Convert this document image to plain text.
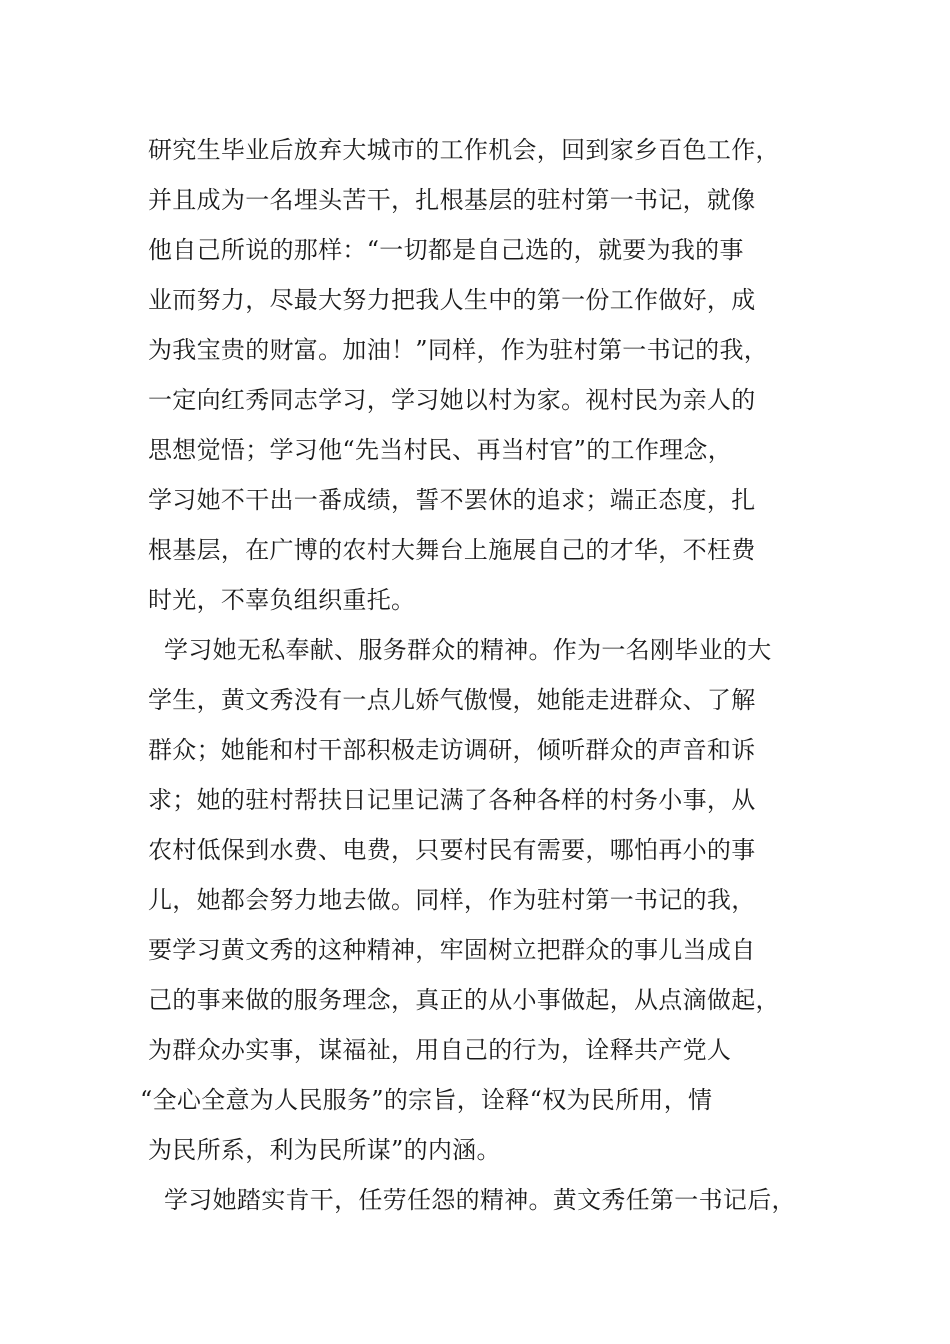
研究生毕业后放弃大城市的工作机会，回到家乡百色工作，
并且成为一名埋头苦干，扎根基层的驻村第一书记，就像
他自己所说的那样：“一切都是自己选的，就要为我的事
业而努力，尽最大努力把我人生中的第一份工作做好，成
为我宝贵的财富。加油！”同样，作为驻村第一书记的我，
一定向红秀同志学习，学习她以村为家。视村民为亲人的
思想觉悟；学习他“先当村民、再当村官”的工作理念，
学习她不干出一番成绩，誓不罢休的追求；端正态度，扎
根基层，在广博的农村大舞台上施展自己的才华，不枉费
时光，不辜负组织重托。
学习她无私奉献、服务群众的精神。作为一名刚毕业的大
学生，黄文秀没有一点儿娇气傲慢，她能走进群众、了解
群众；她能和村干部积极走访调研，倾听群众的声音和诉
求；她的驻村帮扶日记里记满了各种各样的村务小事，从
农村低保到水费、电费，只要村民有需要，哪怕再小的事
儿，她都会努力地去做。同样，作为驻村第一书记的我，
要学习黄文秀的这种精神，牢固树立把群众的事儿当成自
己的事来做的服务理念，真正的从小事做起，从点滴做起，
为群众办实事，谋福祉，用自己的行为，诠释共产党人
“全心全意为人民服务”的宗旨，诠释“权为民所用，情
为民所系，利为民所谋”的内涵。
学习她踏实肯干，任劳任怨的精神。黄文秀任第一书记后，
